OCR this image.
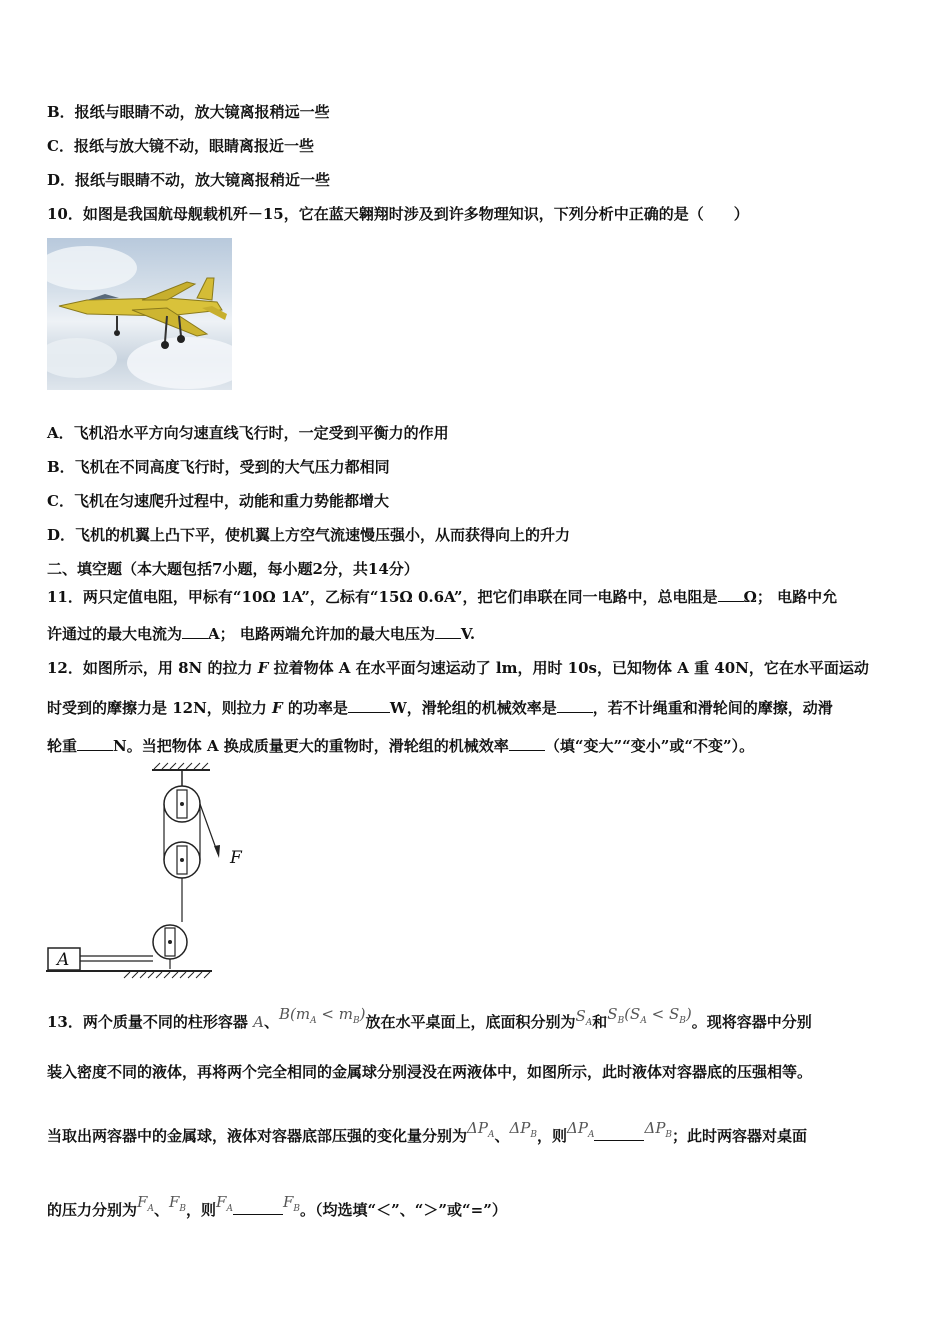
B．报纸与眼睛不动，放大镜离报稍远一些
C．报纸与放大镜不动，眼睛离报近一些
D．报纸与眼睛不动，放大镜离报稍近一些
10．如图是我国航母舰载机歼－15，它在蓝天翱翔时涉及到许多物理知识，下列分析中正确的是（　　）
A．飞机沿水平方向匀速直线飞行时，一定受到平衡力的作用
B．飞机在不同高度飞行时，受到的大气压力都相同
C．飞机在匀速爬升过程中，动能和重力势能都增大
D．飞机的机翼上凸下平，使机翼上方空气流速慢压强小，从而获得向上的升力
二、填空题（本大题包括7小题，每小题2分，共14分）
11．两只定值电阻，甲标有“10Ω 1A”，乙标有“15Ω 0.6A”，把它们串联在同一电路中，总电阻是 Ω； 电路中允
许通过的最大电流为 A； 电路两端允许加的最大电压为 V.
12．如图所示，用 8N 的拉力 F 拉着物体 A 在水平面匀速运动了 lm，用时 10s，已知物体 A 重 40N，它在水平面运动
时受到的摩擦力是 12N，则拉力 F 的功率是	W，滑轮组的机械效率是 ，若不计绳重和滑轮间的摩擦，动滑
轮重 N。当把物体 A 换成质量更大的重物时，滑轮组的机械效率 （填“变大”“变小”或“不变”）。
F
A
13．两个质量不同的柱形容器 A、$B(m_A < m_B)$放在水平桌面上，底面积分别为$S_A$和$S_B(S_A < S_B)$。现将容器中分别
装入密度不同的液体，再将两个完全相同的金属球分别浸没在两液体中，如图所示，此时液体对容器底的压强相等。
当取出两容器中的金属球，液体对容器底部压强的变化量分别为$\Delta P_A$、$\Delta P_B$，则$\Delta P_A$	$\Delta P_B$；此时两容器对桌面
的压力分别为$F_A$、$F_B$，则$F_A$	$F_B$。（均选填“＜”、“＞”或“=”）
